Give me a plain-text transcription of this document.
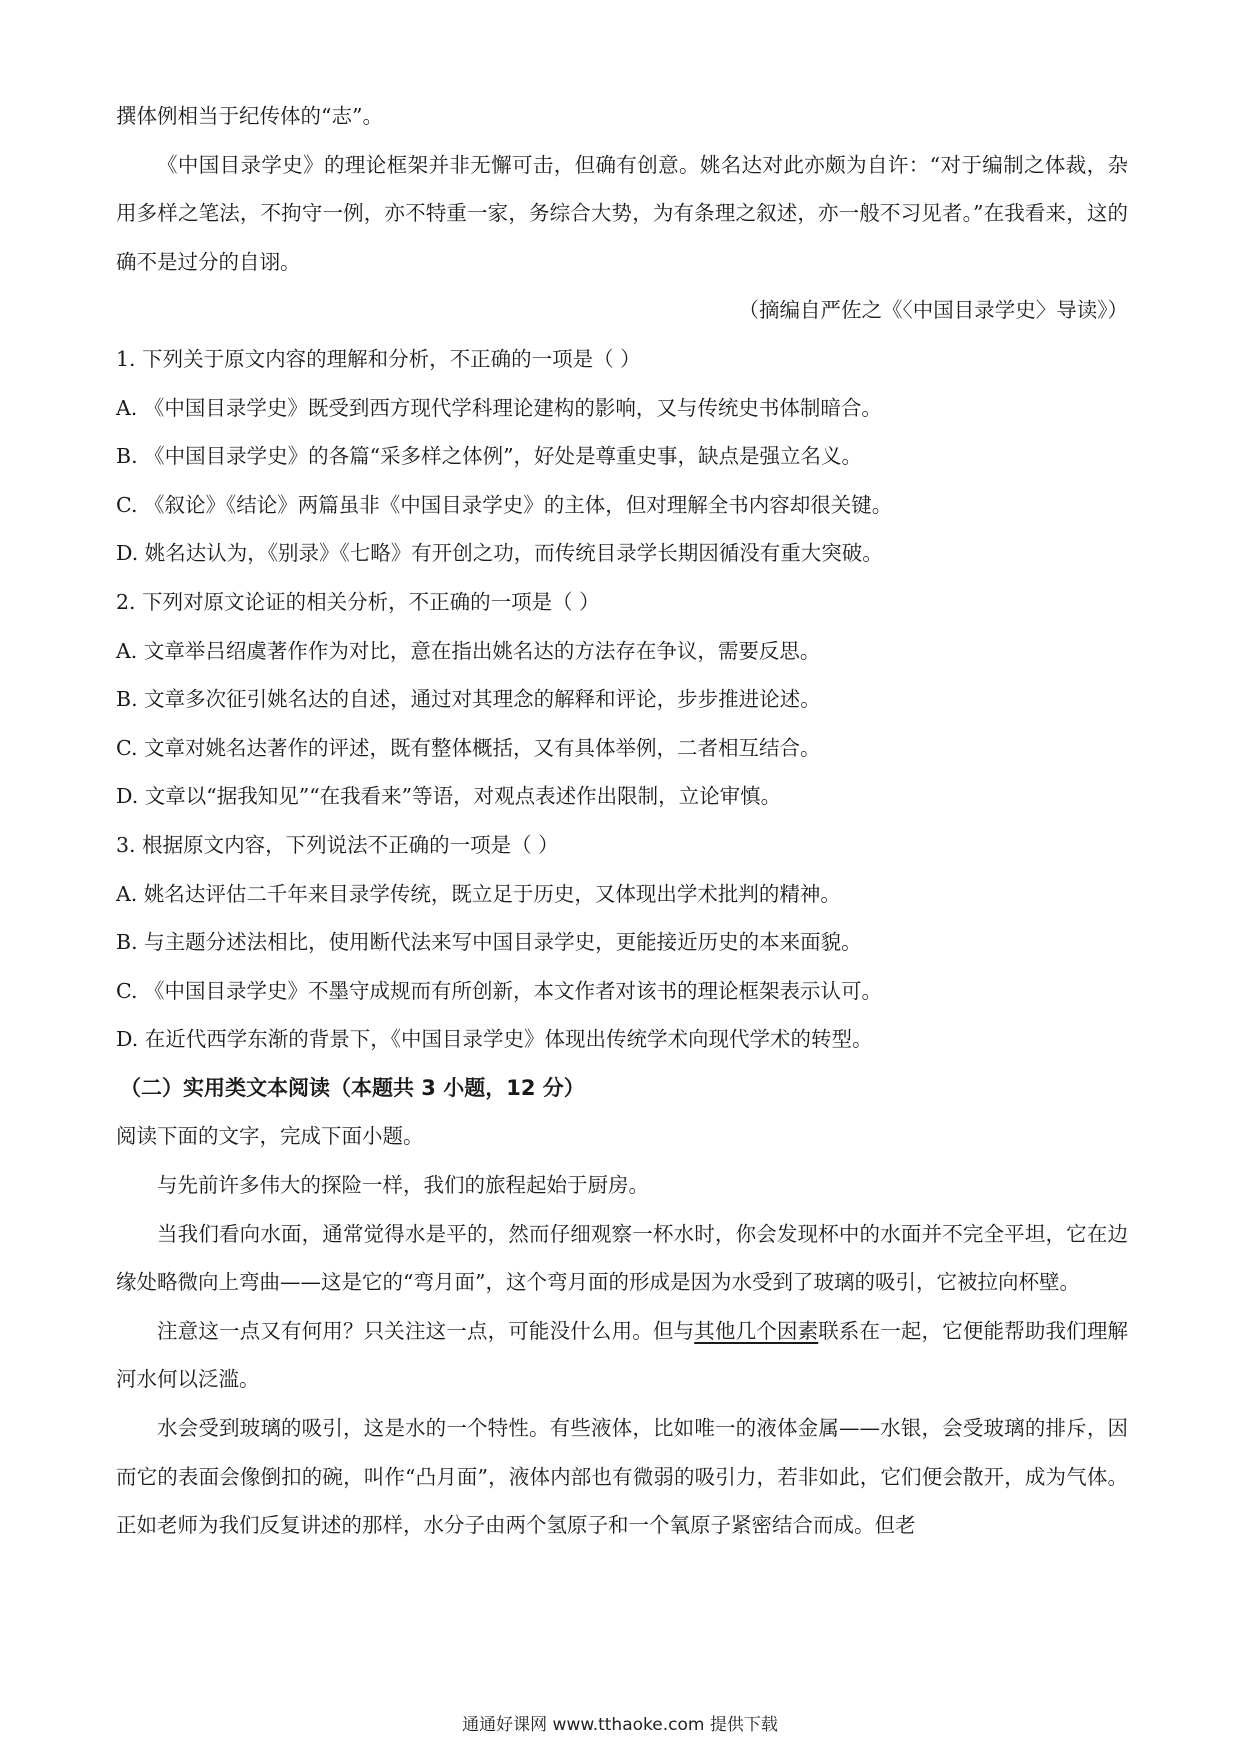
撰体例相当于纪传体的“志”。

《中国目录学史》的理论框架并非无懈可击，但确有创意。姚名达对此亦颇为自许：“对于编制之体裁，杂用多样之笔法，不拘守一例，亦不特重一家，务综合大势，为有条理之叙述，亦一般不习见者。”在我看来，这的确不是过分的自诩。

（摘编自严佐之《〈中国目录学史〉导读》）

1. 下列关于原文内容的理解和分析，不正确的一项是（ ）

A. 《中国目录学史》既受到西方现代学科理论建构的影响，又与传统史书体制暗合。

B. 《中国目录学史》的各篇“采多样之体例”，好处是尊重史事，缺点是强立名义。

C. 《叙论》《结论》两篇虽非《中国目录学史》的主体，但对理解全书内容却很关键。

D. 姚名达认为，《别录》《七略》有开创之功，而传统目录学长期因循没有重大突破。

2. 下列对原文论证的相关分析，不正确的一项是（ ）

A. 文章举吕绍虞著作作为对比，意在指出姚名达的方法存在争议，需要反思。

B. 文章多次征引姚名达的自述，通过对其理念的解释和评论，步步推进论述。

C. 文章对姚名达著作的评述，既有整体概括，又有具体举例，二者相互结合。

D. 文章以“据我知见”“在我看来”等语，对观点表述作出限制，立论审慎。

3. 根据原文内容，下列说法不正确的一项是（ ）

A. 姚名达评估二千年来目录学传统，既立足于历史，又体现出学术批判的精神。

B. 与主题分述法相比，使用断代法来写中国目录学史，更能接近历史的本来面貌。

C. 《中国目录学史》不墨守成规而有所创新，本文作者对该书的理论框架表示认可。

D. 在近代西学东渐的背景下，《中国目录学史》体现出传统学术向现代学术的转型。

（二）实用类文本阅读（本题共 3 小题，12 分）

阅读下面的文字，完成下面小题。

与先前许多伟大的探险一样，我们的旅程起始于厨房。

当我们看向水面，通常觉得水是平的，然而仔细观察一杯水时，你会发现杯中的水面并不完全平坦，它在边缘处略微向上弯曲——这是它的“弯月面”，这个弯月面的形成是因为水受到了玻璃的吸引，它被拉向杯壁。

注意这一点又有何用？只关注这一点，可能没什么用。但与其他几个因素联系在一起，它便能帮助我们理解河水何以泛滥。

水会受到玻璃的吸引，这是水的一个特性。有些液体，比如唯一的液体金属——水银，会受玻璃的排斥，因而它的表面会像倒扣的碗，叫作“凸月面”，液体内部也有微弱的吸引力，若非如此，它们便会散开，成为气体。正如老师为我们反复讲述的那样，水分子由两个氢原子和一个氧原子紧密结合而成。但老

通通好课网 www.tthaoke.com 提供下载
